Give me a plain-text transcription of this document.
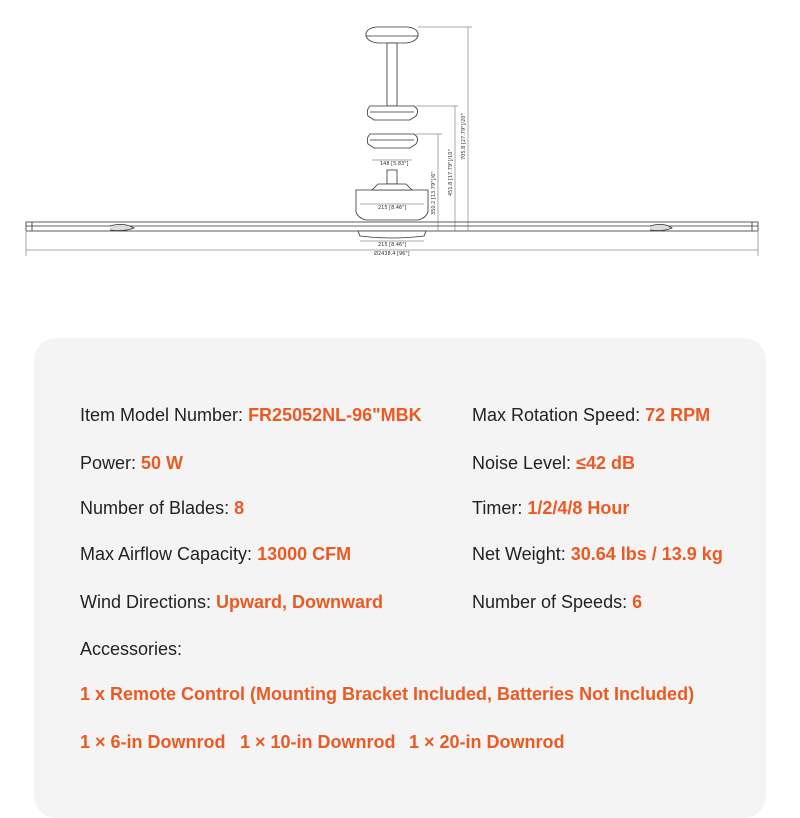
705.8 [27.79"]/20"
451.8 [17.79"]/10"
350.2 [13.79"]/6"
148 [5.83"]
215 [8.46"]
215 [8.46"]
Ø2438.4 [96"]
Item Model Number: FR25052NL-96"MBK
Power: 50 W
Number of Blades: 8
Max Airflow Capacity: 13000 CFM
Wind Directions: Upward, Downward
Max Rotation Speed: 72 RPM
Noise Level: ≤42 dB
Timer: 1/2/4/8 Hour
Net Weight: 30.64 lbs / 13.9 kg
Number of Speeds: 6
Accessories:
1 x Remote Control (Mounting Bracket Included, Batteries Not Included)
1 × 6-in Downrod 1 × 10-in Downrod 1 × 20-in Downrod
